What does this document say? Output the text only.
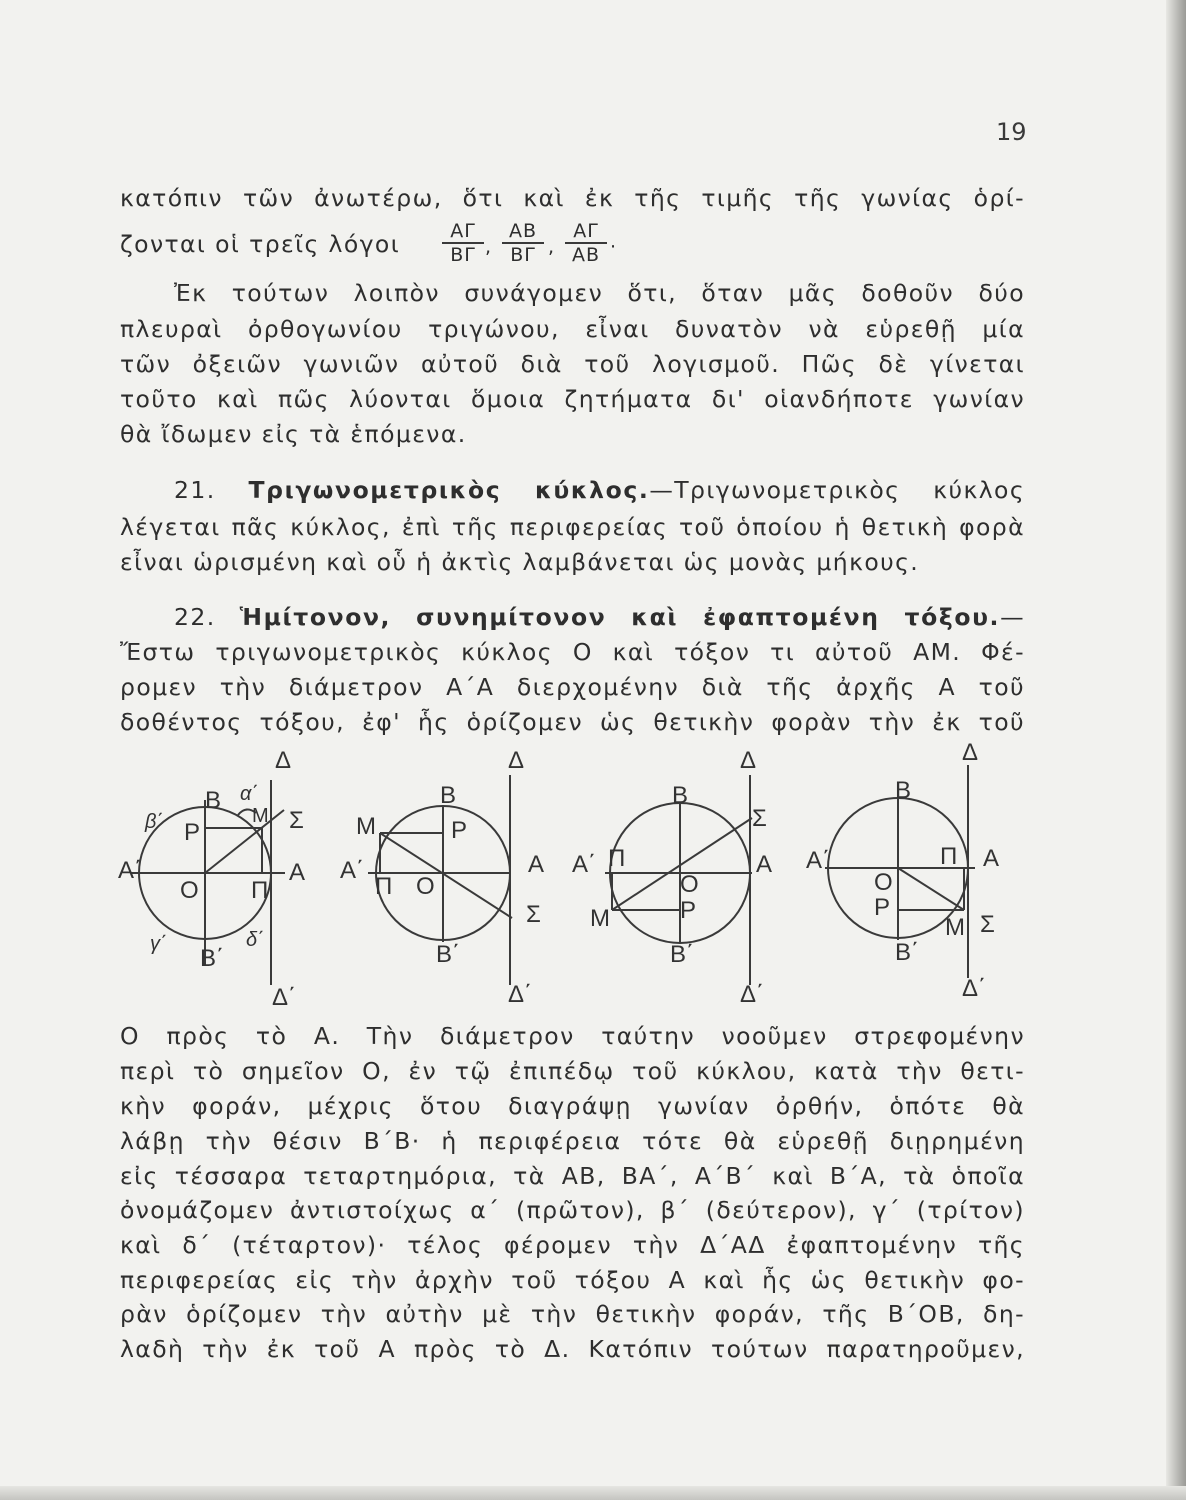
19
κατόπιν τῶν ἀνωτέρω, ὅτι καὶ ἐκ τῆς τιμῆς τῆς γωνίας ὁρί-
ζονται οἱ τρεῖς λόγοι $\frac{A\Gamma}{B\Gamma}$ , $\frac{AB}{B\Gamma}$ , $\frac{A\Gamma}{AB}$ ·
Ἐκ τούτων λοιπὸν συνάγομεν ὅτι, ὅταν μᾶς δοθοῦν δύο
πλευραὶ ὀρθογωνίου τριγώνου, εἶναι δυνατὸν νὰ εὑρεθῇ μία
τῶν ὀξειῶν γωνιῶν αὐτοῦ διὰ τοῦ λογισμοῦ. Πῶς δὲ γίνεται
τοῦτο καὶ πῶς λύονται ὅμοια ζητήματα δι' οἱανδήποτε γωνίαν
θὰ ἴδωμεν εἰς τὰ ἑπόμενα.
21. Τριγωνομετρικὸς κύκλος.—Τριγωνομετρικὸς κύκλος
λέγεται πᾶς κύκλος, ἐπὶ τῆς περιφερείας τοῦ ὁποίου ἡ θετικὴ φορὰ
εἶναι ὡρισμένη καὶ οὗ ἡ ἀκτὶς λαμβάνεται ὡς μονὰς μήκους.
22. Ἡμίτονον, συνημίτονον καὶ ἐφαπτομένη τόξου.—
Ἔστω τριγωνομετρικὸς κύκλος Ο καὶ τόξον τι αὐτοῦ ΑΜ. Φέ-
ρομεν τὴν διάμετρον Α΄Α διερχομένην διὰ τῆς ἀρχῆς Α τοῦ
δοθέντος τόξου, ἐφ' ἧς ὁρίζομεν ὡς θετικὴν φορὰν τὴν ἐκ τοῦ
Δ
α΄
β΄
Β
Μ Σ
Ρ
Α΄	Α
Ο Π
γ΄
Β΄
δ΄
Δ΄
Δ
Β
Μ	Ρ
Α΄	Α
Π Ο
Σ
Β΄
Δ΄
Δ
Β
Σ
Α΄ Π	Α
Ο
Μ	Ρ
Β΄
Δ΄
Δ
Β
Α΄	Π Α
Ο
Ρ
Μ Σ
Β΄
Δ΄
Ο πρὸς τὸ Α. Τὴν διάμετρον ταύτην νοοῦμεν στρεφομένην
περὶ τὸ σημεῖον Ο, ἐν τῷ ἐπιπέδῳ τοῦ κύκλου, κατὰ τὴν θετι-
κὴν φοράν, μέχρις ὅτου διαγράψῃ γωνίαν ὀρθήν, ὁπότε θὰ
λάβῃ τὴν θέσιν Β΄Β· ἡ περιφέρεια τότε θὰ εὑρεθῇ διῃρημένη
εἰς τέσσαρα τεταρτημόρια, τὰ ΑΒ, ΒΑ΄, Α΄Β΄ καὶ Β΄Α, τὰ ὁποῖα
ὀνομάζομεν ἀντιστοίχως α΄ (πρῶτον), β΄ (δεύτερον), γ΄ (τρίτον)
καὶ δ΄ (τέταρτον)· τέλος φέρομεν τὴν Δ΄ΑΔ ἐφαπτομένην τῆς
περιφερείας εἰς τὴν ἀρχὴν τοῦ τόξου Α καὶ ἧς ὡς θετικὴν φο-
ρὰν ὁρίζομεν τὴν αὐτὴν μὲ τὴν θετικὴν φοράν, τῆς Β΄ΟΒ, δη-
λαδὴ τὴν ἐκ τοῦ Α πρὸς τὸ Δ. Κατόπιν τούτων παρατηροῦμεν,
